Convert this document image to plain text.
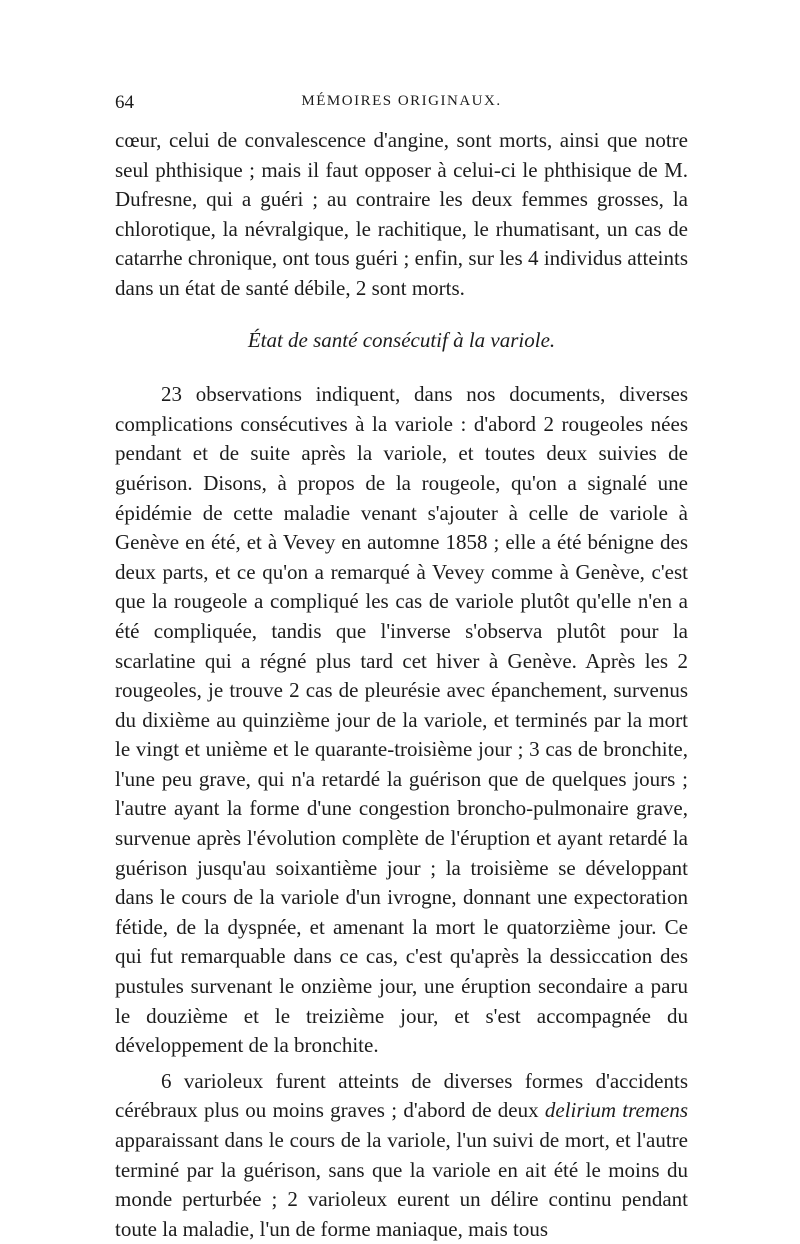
64	MÉMOIRES ORIGINAUX.

cœur, celui de convalescence d'angine, sont morts, ainsi que notre seul phthisique ; mais il faut opposer à celui-ci le phthisique de M. Dufresne, qui a guéri ; au contraire les deux femmes grosses, la chlorotique, la névralgique, le rachitique, le rhumatisant, un cas de catarrhe chronique, ont tous guéri ; enfin, sur les 4 individus atteints dans un état de santé débile, 2 sont morts.

État de santé consécutif à la variole.

23 observations indiquent, dans nos documents, diverses complications consécutives à la variole : d'abord 2 rougeoles nées pendant et de suite après la variole, et toutes deux suivies de guérison. Disons, à propos de la rougeole, qu'on a signalé une épidémie de cette maladie venant s'ajouter à celle de variole à Genève en été, et à Vevey en automne 1858 ; elle a été bénigne des deux parts, et ce qu'on a remarqué à Vevey comme à Genève, c'est que la rougeole a compliqué les cas de variole plutôt qu'elle n'en a été compliquée, tandis que l'inverse s'observa plutôt pour la scarlatine qui a régné plus tard cet hiver à Genève. Après les 2 rougeoles, je trouve 2 cas de pleurésie avec épanchement, survenus du dixième au quinzième jour de la variole, et terminés par la mort le vingt et unième et le quarante-troisième jour ; 3 cas de bronchite, l'une peu grave, qui n'a retardé la guérison que de quelques jours ; l'autre ayant la forme d'une congestion broncho-pulmonaire grave, survenue après l'évolution complète de l'éruption et ayant retardé la guérison jusqu'au soixantième jour ; la troisième se développant dans le cours de la variole d'un ivrogne, donnant une expectoration fétide, de la dyspnée, et amenant la mort le quatorzième jour. Ce qui fut remarquable dans ce cas, c'est qu'après la dessiccation des pustules survenant le onzième jour, une éruption secondaire a paru le douzième et le treizième jour, et s'est accompagnée du développement de la bronchite.

6 varioleux furent atteints de diverses formes d'accidents cérébraux plus ou moins graves ; d'abord de deux delirium tremens apparaissant dans le cours de la variole, l'un suivi de mort, et l'autre terminé par la guérison, sans que la variole en ait été le moins du monde perturbée ; 2 varioleux eurent un délire continu pendant toute la maladie, l'un de forme maniaque, mais tous
